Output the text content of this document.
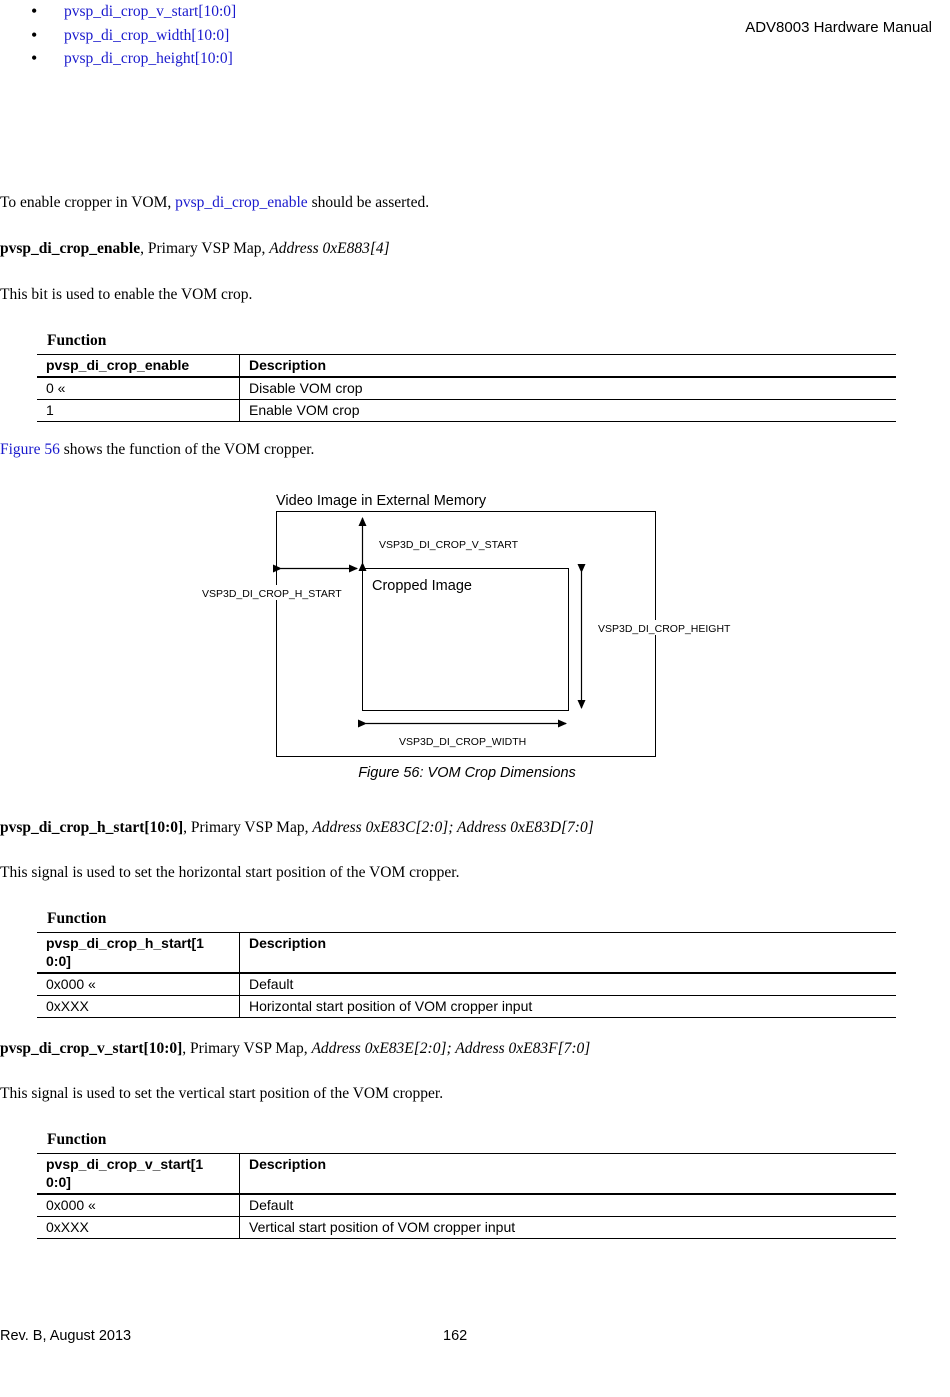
ADV8003 Hardware Manual
• pvsp_di_crop_v_start[10:0]
• pvsp_di_crop_width[10:0]
• pvsp_di_crop_height[10:0]
To enable cropper in VOM, pvsp_di_crop_enable should be asserted.
pvsp_di_crop_enable, Primary VSP Map, Address 0xE883[4]
This bit is used to enable the VOM crop.
Function
pvsp_di_crop_enable	Description
0 «	Disable VOM crop
1	Enable VOM crop
Figure 56 shows the function of the VOM cropper.
Video Image in External Memory
Cropped Image
VSP3D_DI_CROP_V_START
VSP3D_DI_CROP_H_START
VSP3D_DI_CROP_HEIGHT
VSP3D_DI_CROP_WIDTH
Figure 56: VOM Crop Dimensions
pvsp_di_crop_h_start[10:0], Primary VSP Map, Address 0xE83C[2:0]; Address 0xE83D[7:0]
This signal is used to set the horizontal start position of the VOM cropper.
Function
pvsp_di_crop_h_start[1
0:0]	Description
0x000 «	Default
0xXXX	Horizontal start position of VOM cropper input
pvsp_di_crop_v_start[10:0], Primary VSP Map, Address 0xE83E[2:0]; Address 0xE83F[7:0]
This signal is used to set the vertical start position of the VOM cropper.
Function
pvsp_di_crop_v_start[1
0:0]	Description
0x000 «	Default
0xXXX	Vertical start position of VOM cropper input
Rev. B, August 2013	162
